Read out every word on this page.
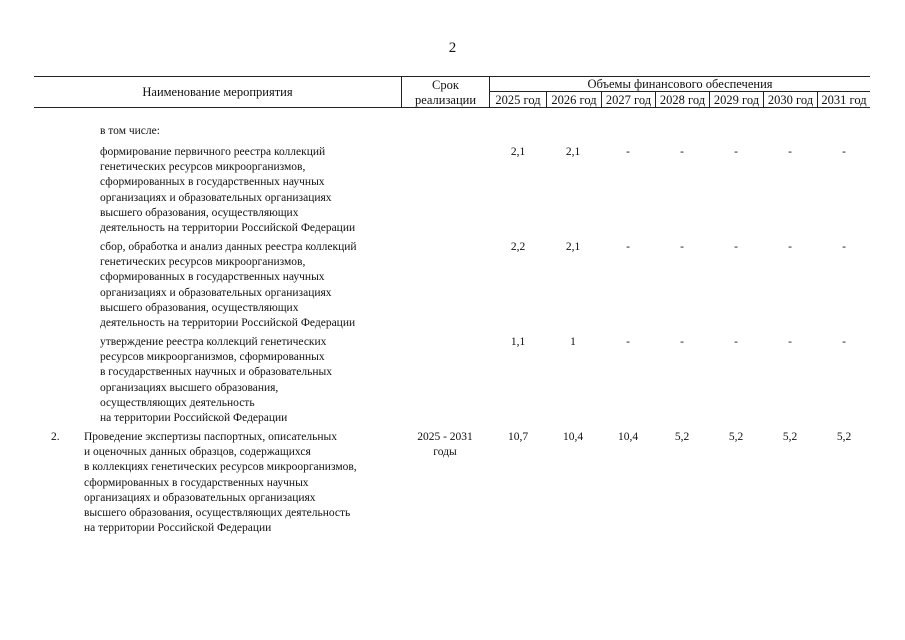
2
Наименование мероприятия	Срок
реализации
Объемы финансового обеспечения
2025 год 2026 год 2027 год 2028 год 2029 год 2030 год 2031 год
в том числе:
формирование первичного реестра коллекций
генетических ресурсов микроорганизмов,
сформированных в государственных научных
организациях и образовательных организациях
высшего образования, осуществляющих
деятельность на территории Российской Федерации
2,1	2,1	-	-	-	-	-
сбор, обработка и анализ данных реестра коллекций
генетических ресурсов микроорганизмов,
сформированных в государственных научных
организациях и образовательных организациях
высшего образования, осуществляющих
деятельность на территории Российской Федерации
2,2	2,1	-	-	-	-	-
утверждение реестра коллекций генетических
ресурсов микроорганизмов, сформированных
в государственных научных и образовательных
организациях высшего образования,
осуществляющих деятельность
на территории Российской Федерации
1,1	1	-	-	-	-	-
2. Проведение экспертизы паспортных, описательных
и оценочных данных образцов, содержащихся
в коллекциях генетических ресурсов микроорганизмов,
сформированных в государственных научных
организациях и образовательных организациях
высшего образования, осуществляющих деятельность
на территории Российской Федерации
2025 - 2031
годы
10,7	10,4	10,4	5,2	5,2	5,2	5,2
